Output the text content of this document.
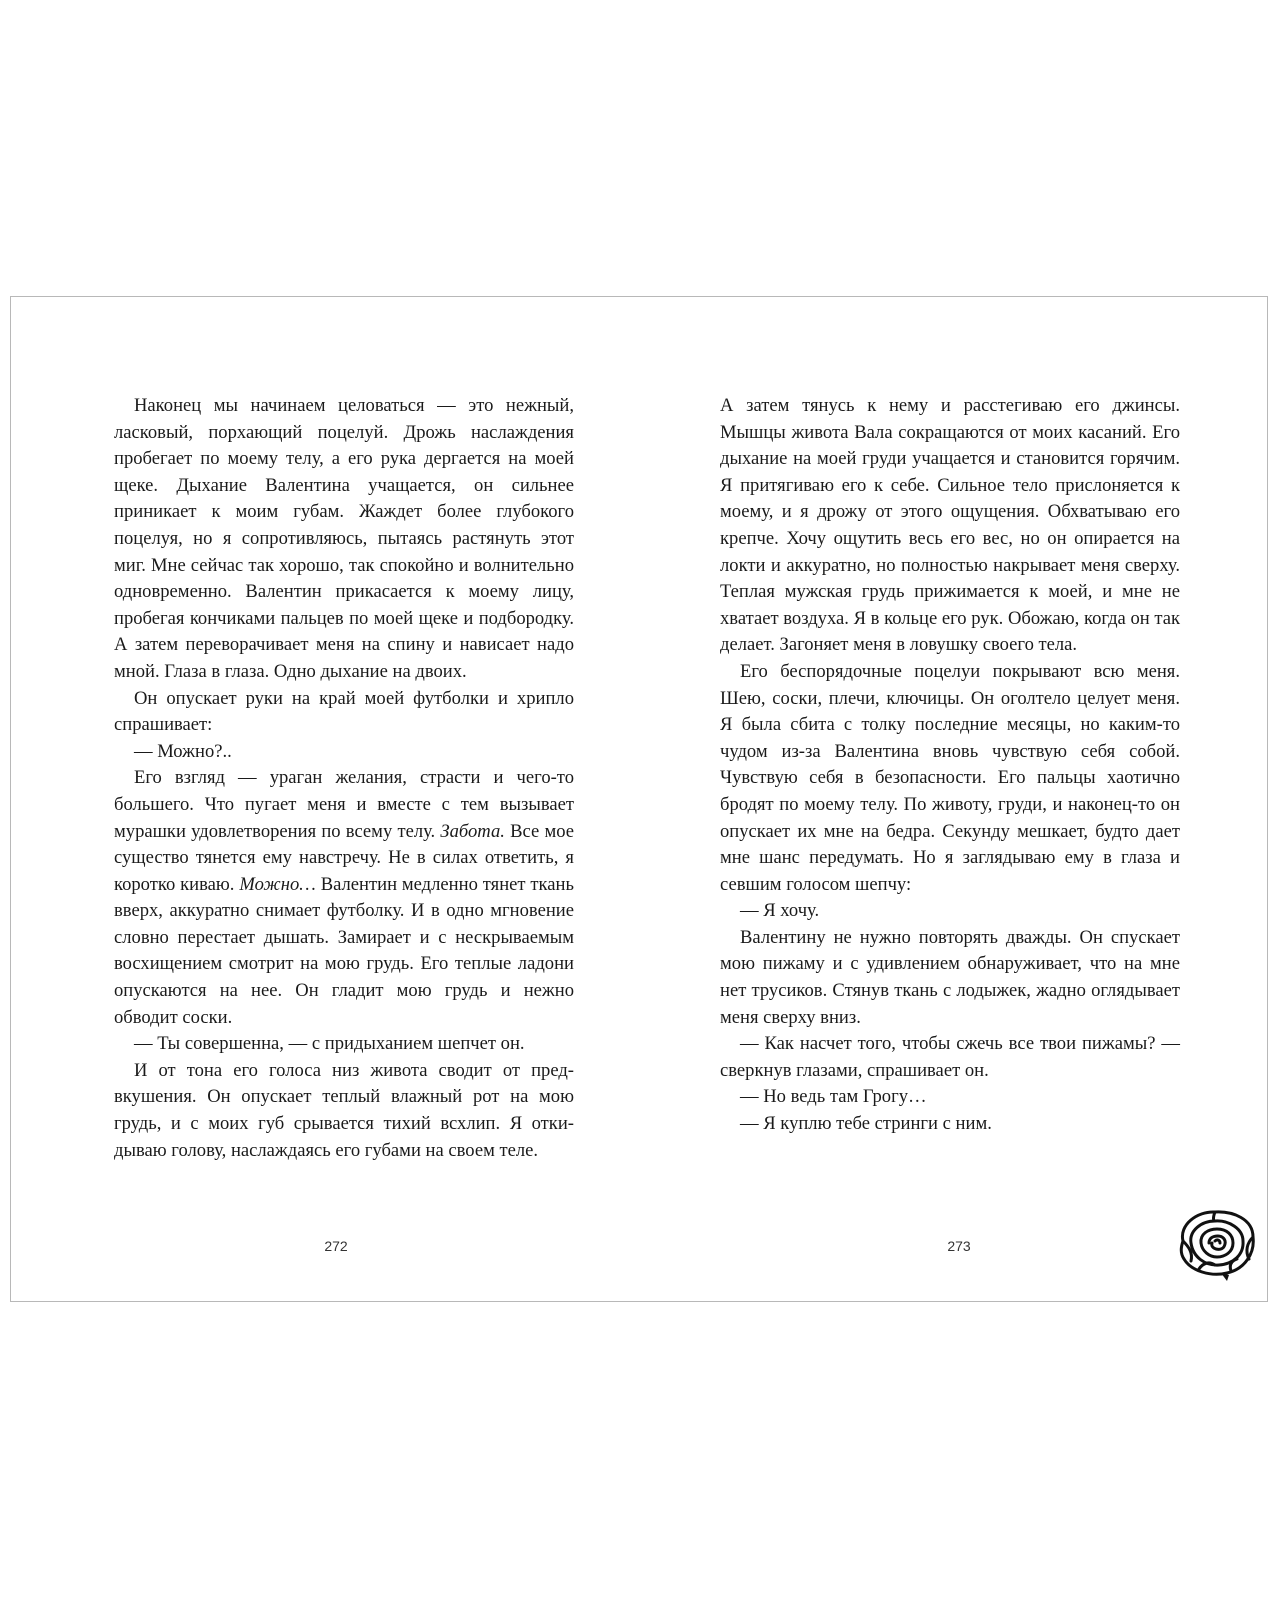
Наконец мы начинаем целоваться — это нежный, ласковый, порхающий поцелуй. Дрожь наслаждения пробегает по моему телу, а его рука дергается на моей щеке. Дыхание Валентина учащается, он сильнее приникает к моим губам. Жаждет более глубокого поцелуя, но я сопротивляюсь, пытаясь растянуть этот миг. Мне сейчас так хорошо, так спокойно и волнительно одновременно. Валентин прикасается к моему лицу, пробегая кончиками пальцев по моей щеке и подбородку. А затем переворачивает меня на спину и нависает надо мной. Глаза в глаза. Одно дыхание на двоих.

Он опускает руки на край моей футболки и хрипло спрашивает:

— Можно?..

Его взгляд — ураган желания, страсти и чего-то большего. Что пугает меня и вместе с тем вызывает мурашки удовлетворения по всему телу. Забота. Все мое существо тянется ему навстречу. Не в силах ответить, я коротко киваю. Можно… Валентин медленно тянет ткань вверх, аккуратно снимает футболку. И в одно мгновение словно перестает дышать. Замирает и с нескрываемым восхищением смотрит на мою грудь. Его теплые ладони опускаются на нее. Он гладит мою грудь и нежно обводит соски.

— Ты совершенна, — с придыханием шепчет он.

И от тона его голоса низ живота сводит от предвкушения. Он опускает теплый влажный рот на мою грудь, и с моих губ срывается тихий всхлип. Я откидываю голову, наслаждаясь его губами на своем теле.

А затем тянусь к нему и расстегиваю его джинсы. Мышцы живота Вала сокращаются от моих касаний. Его дыхание на моей груди учащается и становится горячим. Я притягиваю его к себе. Сильное тело прислоняется к моему, и я дрожу от этого ощущения. Обхватываю его крепче. Хочу ощутить весь его вес, но он опирается на локти и аккуратно, но полностью накрывает меня сверху. Теплая мужская грудь прижимается к моей, и мне не хватает воздуха. Я в кольце его рук. Обожаю, когда он так делает. Загоняет меня в ловушку своего тела.

Его беспорядочные поцелуи покрывают всю меня. Шею, соски, плечи, ключицы. Он оголтело целует меня. Я была сбита с толку последние месяцы, но каким-то чудом из-за Валентина вновь чувствую себя собой. Чувствую себя в безопасности. Его пальцы хаотично бродят по моему телу. По животу, груди, и наконец-то он опускает их мне на бедра. Секунду мешкает, будто дает мне шанс передумать. Но я заглядываю ему в глаза и севшим голосом шепчу:

— Я хочу.

Валентину не нужно повторять дважды. Он спускает мою пижаму и с удивлением обнаруживает, что на мне нет трусиков. Стянув ткань с лодыжек, жадно оглядывает меня сверху вниз.

— Как насчет того, чтобы сжечь все твои пижамы? — сверкнув глазами, спрашивает он.

— Но ведь там Грогу…

— Я куплю тебе стринги с ним.

272	273
